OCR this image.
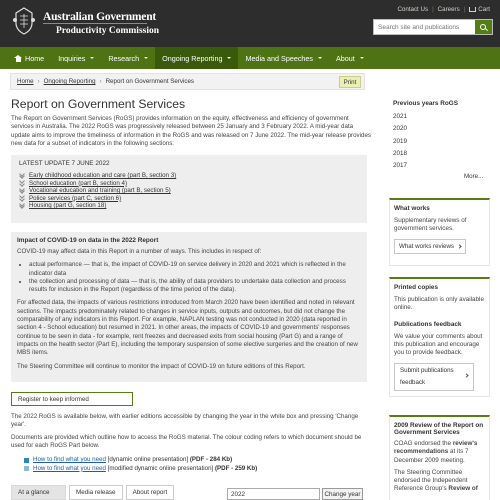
Australian Government
Productivity Commission
Contact Us | Careers |	Cart
Search site and publications
Home Inquiries	Research	Ongoing Reporting	Media and Speeches	About
Home › Ongoing Reporting › Report on Government Services	Print
Report on Government Services

The Report on Government Services (RoGS) provides information on the equity, effectiveness and efficiency of government services in Australia. The 2022 RoGS was progressively released between 25 January and 3 February 2022. A mid-year data update aims to improve the timeliness of information in the RoGS and was released on 7 June 2022. The mid-year release provides new data for a subset of indicators in the following sections:

LATEST UPDATE 7 JUNE 2022
Early childhood education and care (part B, section 3)
School education (part B, section 4)
Vocational education and training (part B, section 5)
Police services (part C, section 6)
Housing (part G, section 18)
Impact of COVID-19 on data in the 2022 Report

COVID-19 may affect data in this Report in a number of ways. This includes in respect of:

• actual performance — that is, the impact of COVID-19 on service delivery in 2020 and 2021 which is reflected in the indicator data
• the collection and processing of data — that is, the ability of data providers to undertake data collection and process results for inclusion in the Report (regardless of the time period of the data).

For affected data, the impacts of various restrictions introduced from March 2020 have been identified and noted in relevant sections. The impacts predominately related to changes in service inputs, outputs and outcomes, but did not change the comparability of any indicators in this Report. For example, NAPLAN testing was not conducted in 2020 (data reported in section 4 - School education) but resumed in 2021. In other areas, the impacts of COVID-19 and governments' responses continue to be seen in data - for example, rent freezes and decreased exits from social housing (Part G) and a range of impacts on the health sector (Part E), including the temporary suspension of some elective surgeries and the creation of new MBS items.

The Steering Committee will continue to monitor the impact of COVID-19 on future editions of this Report.

Register to keep informed

The 2022 RoGS is available below, with earlier editions accessible by changing the year in the white box and pressing 'Change year'.

Documents are provided which outline how to access the RoGS material. The colour coding refers to which document should be used for each RoGS Part below.

How to find what you need [dynamic online presentation] (PDF - 284 Kb)
How to find what you need [modified dynamic online presentation] (PDF - 259 Kb)
At a glance	Media release	About report
2022	Change year
Previous years RoGS
2021
2020
2019
2018
2017
More...
What works

Supplementary reviews of government services.

What works reviews
Printed copies

This publication is only available online.

Publications feedback

We value your comments about this publication and encourage you to provide feedback.

Submit publications
feedback
2009 Review of the Report on Government Services

COAG endorsed the review's recommendations at its 7 December 2009 meeting.

The Steering Committee endorsed the Independent Reference Group's Review of
